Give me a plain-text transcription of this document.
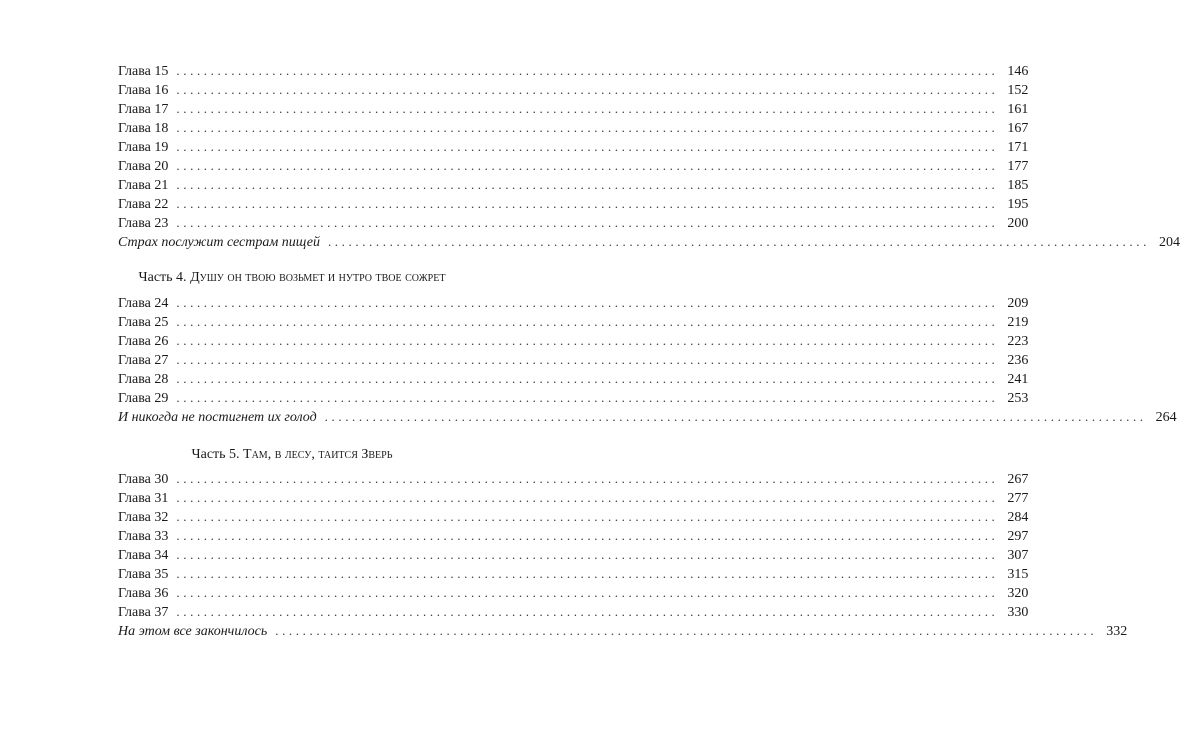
Глава 15 ........................................................................................................................ 146
Глава 16 ........................................................................................................................ 152
Глава 17 ........................................................................................................................ 161
Глава 18 ........................................................................................................................ 167
Глава 19 ........................................................................................................................ 171
Глава 20 ........................................................................................................................ 177
Глава 21 ........................................................................................................................ 185
Глава 22 ........................................................................................................................ 195
Глава 23 ........................................................................................................................ 200
Страх послужит сестрам пищей ........................................................................................................................ 204
Часть 4. Душу он твою возьмет и нутро твое сожрет
Глава 24 ........................................................................................................................ 209
Глава 25 ........................................................................................................................ 219
Глава 26 ........................................................................................................................ 223
Глава 27 ........................................................................................................................ 236
Глава 28 ........................................................................................................................ 241
Глава 29 ........................................................................................................................ 253
И никогда не постигнет их голод ........................................................................................................................ 264
Часть 5. Там, в лесу, таится Зверь
Глава 30 ........................................................................................................................ 267
Глава 31 ........................................................................................................................ 277
Глава 32 ........................................................................................................................ 284
Глава 33 ........................................................................................................................ 297
Глава 34 ........................................................................................................................ 307
Глава 35 ........................................................................................................................ 315
Глава 36 ........................................................................................................................ 320
Глава 37 ........................................................................................................................ 330
На этом все закончилось ........................................................................................................................ 332
